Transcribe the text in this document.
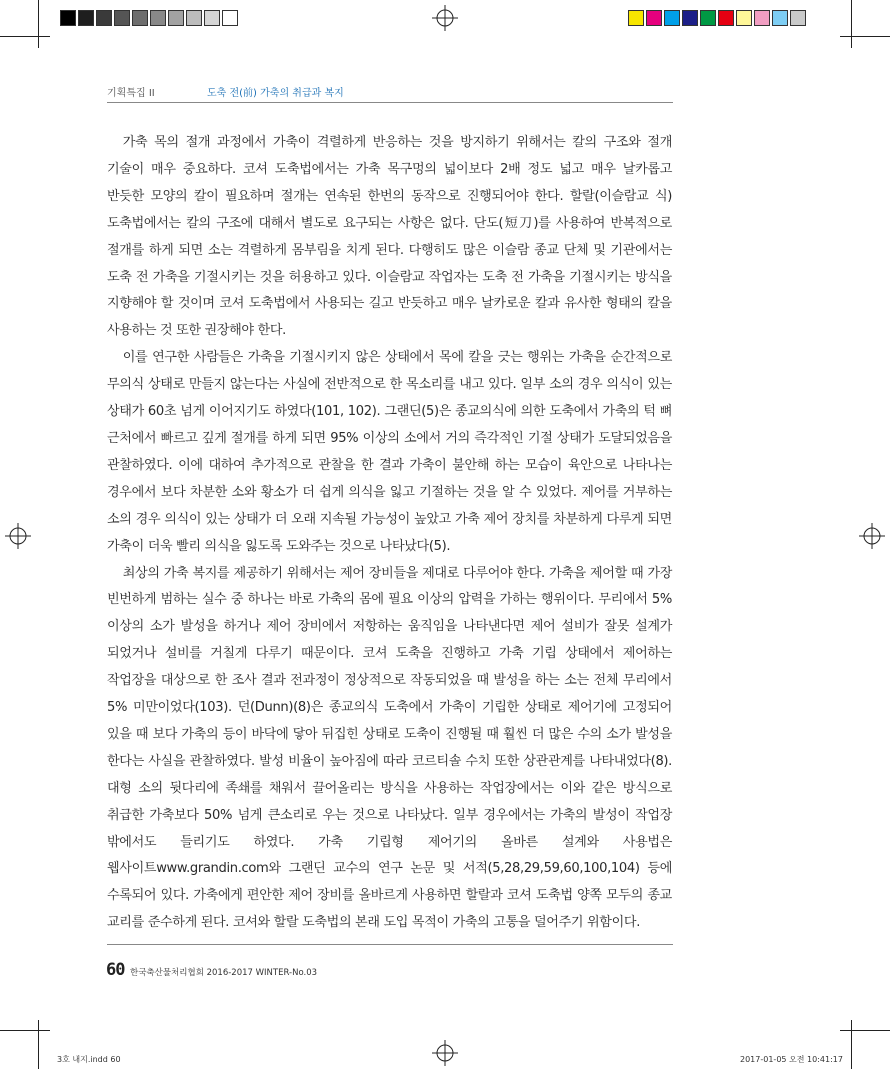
기획특집 II	도축 전(前) 가축의 취급과 복지

가축 목의 절개 과정에서 가축이 격렬하게 반응하는 것을 방지하기 위해서는 칼의 구조와 절개 기술이 매우 중요하다. 코셔 도축법에서는 가축 목구멍의 넓이보다 2배 정도 넓고 매우 날카롭고 반듯한 모양의 칼이 필요하며 절개는 연속된 한번의 동작으로 진행되어야 한다. 할랄(이슬람교 식) 도축법에서는 칼의 구조에 대해서 별도로 요구되는 사항은 없다. 단도(短刀)를 사용하여 반복적으로 절개를 하게 되면 소는 격렬하게 몸부림을 치게 된다. 다행히도 많은 이슬람 종교 단체 및 기관에서는 도축 전 가축을 기절시키는 것을 허용하고 있다. 이슬람교 작업자는 도축 전 가축을 기절시키는 방식을 지향해야 할 것이며 코셔 도축법에서 사용되는 길고 반듯하고 매우 날카로운 칼과 유사한 형태의 칼을 사용하는 것 또한 권장해야 한다.

이를 연구한 사람들은 가축을 기절시키지 않은 상태에서 목에 칼을 긋는 행위는 가축을 순간적으로 무의식 상태로 만들지 않는다는 사실에 전반적으로 한 목소리를 내고 있다. 일부 소의 경우 의식이 있는 상태가 60초 넘게 이어지기도 하였다(101, 102). 그랜딘(5)은 종교의식에 의한 도축에서 가축의 턱 뼈 근처에서 빠르고 깊게 절개를 하게 되면 95% 이상의 소에서 거의 즉각적인 기절 상태가 도달되었음을 관찰하였다. 이에 대하여 추가적으로 관찰을 한 결과 가축이 불안해 하는 모습이 육안으로 나타나는 경우에서 보다 차분한 소와 황소가 더 쉽게 의식을 잃고 기절하는 것을 알 수 있었다. 제어를 거부하는 소의 경우 의식이 있는 상태가 더 오래 지속될 가능성이 높았고 가축 제어 장치를 차분하게 다루게 되면 가축이 더욱 빨리 의식을 잃도록 도와주는 것으로 나타났다(5).

최상의 가축 복지를 제공하기 위해서는 제어 장비들을 제대로 다루어야 한다. 가축을 제어할 때 가장 빈번하게 범하는 실수 중 하나는 바로 가축의 몸에 필요 이상의 압력을 가하는 행위이다. 무리에서 5% 이상의 소가 발성을 하거나 제어 장비에서 저항하는 움직임을 나타낸다면 제어 설비가 잘못 설계가 되었거나 설비를 거칠게 다루기 때문이다. 코셔 도축을 진행하고 가축 기립 상태에서 제어하는 작업장을 대상으로 한 조사 결과 전과정이 정상적으로 작동되었을 때 발성을 하는 소는 전체 무리에서 5% 미만이었다(103). 던(Dunn)(8)은 종교의식 도축에서 가축이 기립한 상태로 제어기에 고정되어 있을 때 보다 가축의 등이 바닥에 닿아 뒤집힌 상태로 도축이 진행될 때 훨씬 더 많은 수의 소가 발성을 한다는 사실을 관찰하였다. 발성 비율이 높아짐에 따라 코르티솔 수치 또한 상관관계를 나타내었다(8). 대형 소의 뒷다리에 족쇄를 채워서 끌어올리는 방식을 사용하는 작업장에서는 이와 같은 방식으로 취급한 가축보다 50% 넘게 큰소리로 우는 것으로 나타났다. 일부 경우에서는 가축의 발성이 작업장 밖에서도 들리기도 하였다. 가축 기립형 제어기의 올바른 설계와 사용법은 웹사이트www.grandin.com와 그랜딘 교수의 연구 논문 및 서적(5,28,29,59,60,100,104) 등에 수록되어 있다. 가축에게 편안한 제어 장비를 올바르게 사용하면 할랄과 코셔 도축법 양쪽 모두의 종교 교리를 준수하게 된다. 코셔와 할랄 도축법의 본래 도입 목적이 가축의 고통을 덜어주기 위함이다.

60 한국축산물처리협회 2016-2017 WINTER-No.03
3호 내지.indd 60	2017-01-05 오전 10:41:17
